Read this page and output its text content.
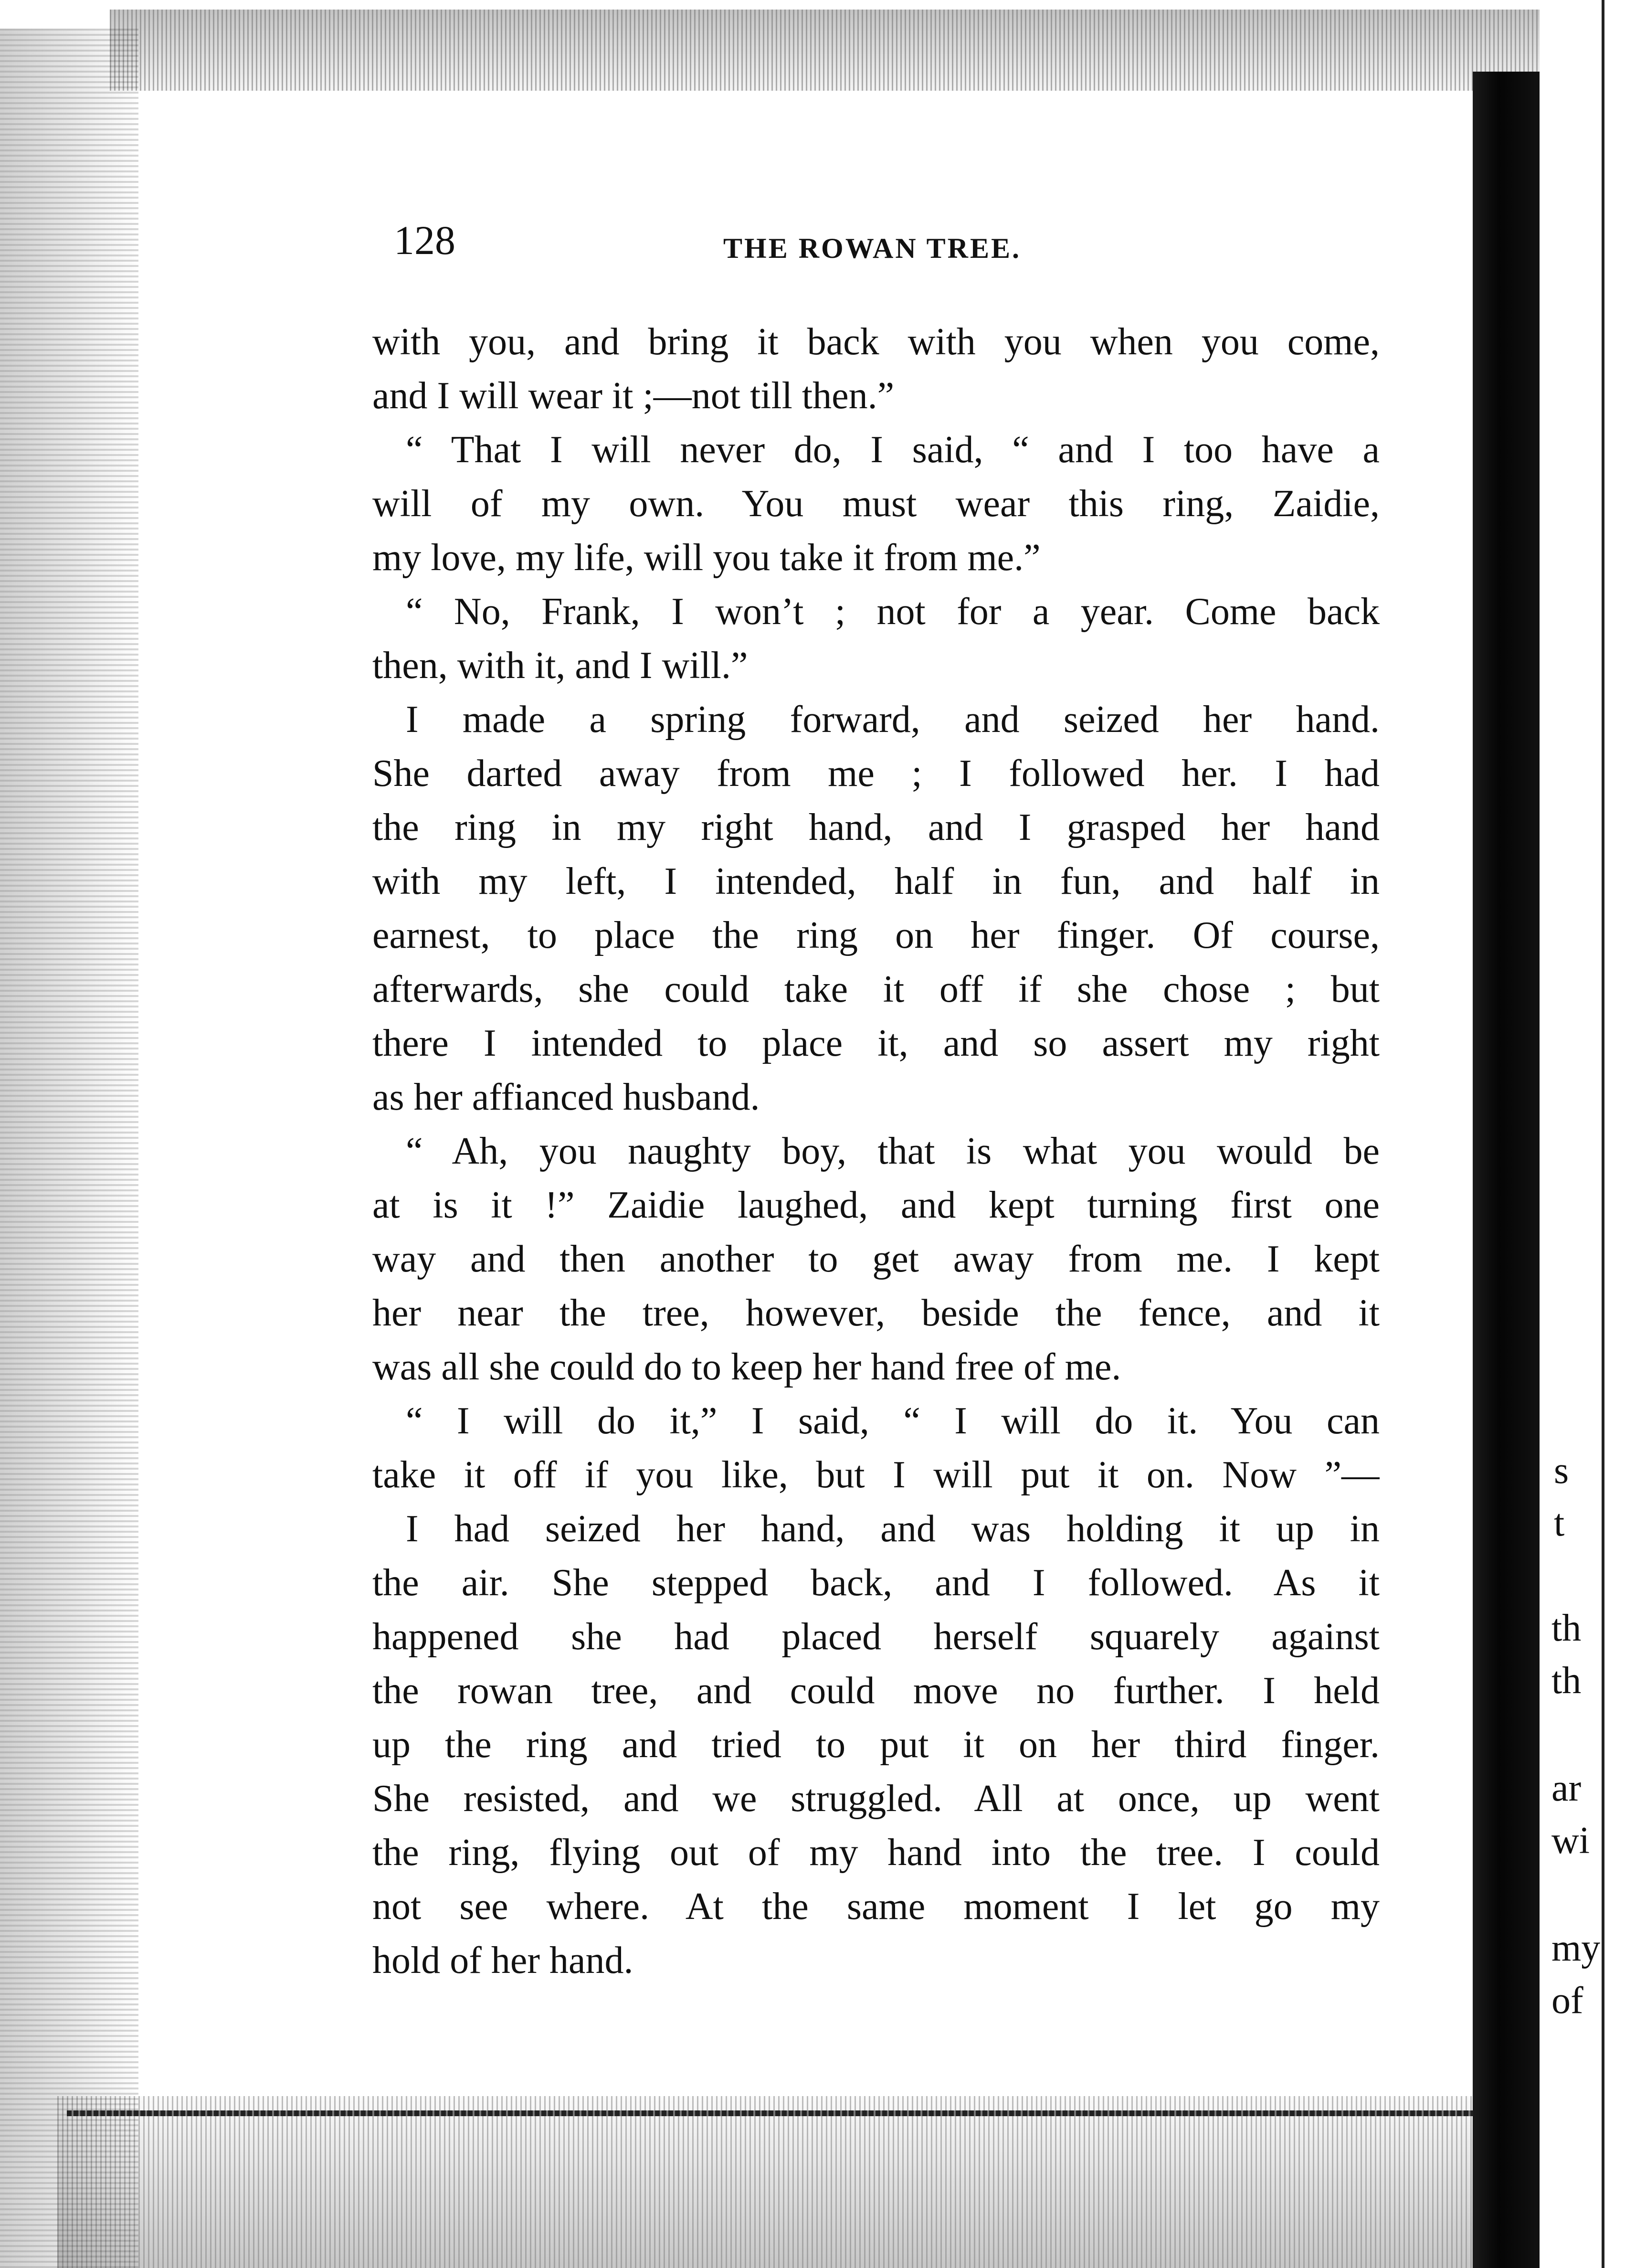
128	THE ROWAN TREE.
with you, and bring it back with you when you come,
and I will wear it ;—not till then.”
“ That I will never do, I said, “ and I too have a
will of my own. You must wear this ring, Zaidie,
my love, my life, will you take it from me.”
“ No, Frank, I won’t ; not for a year. Come back
then, with it, and I will.”
I made a spring forward, and seized her hand.
She darted away from me ; I followed her. I had
the ring in my right hand, and I grasped her hand
with my left, I intended, half in fun, and half in
earnest, to place the ring on her finger. Of course,
afterwards, she could take it off if she chose ; but
there I intended to place it, and so assert my right
as her affianced husband.
“ Ah, you naughty boy, that is what you would be
at is it !” Zaidie laughed, and kept turning first one
way and then another to get away from me. I kept
her near the tree, however, beside the fence, and it
was all she could do to keep her hand free of me.
“ I will do it,” I said, “ I will do it. You can
take it off if you like, but I will put it on. Now ”—
I had seized her hand, and was holding it up in
the air. She stepped back, and I followed. As it
happened she had placed herself squarely against
the rowan tree, and could move no further. I held
up the ring and tried to put it on her third finger.
She resisted, and we struggled. All at once, up went
the ring, flying out of my hand into the tree. I could
not see where. At the same moment I let go my
hold of her hand.
s
t
th
th
ar
wi
my
of
